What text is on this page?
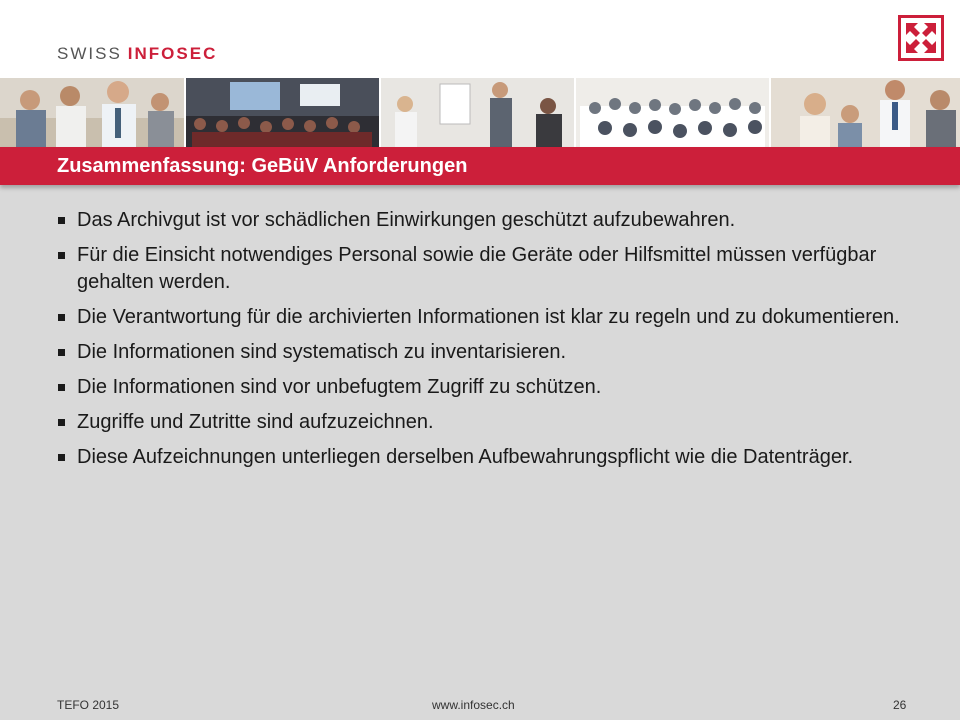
SWISS INFOSEC
Zusammenfassung: GeBüV Anforderungen
Das Archivgut ist vor schädlichen Einwirkungen geschützt aufzubewahren.
Für die Einsicht notwendiges Personal sowie die Geräte oder Hilfsmittel müssen verfügbar gehalten werden.
Die Verantwortung für die archivierten Informationen ist klar zu regeln und zu dokumentieren.
Die Informationen sind systematisch zu inventarisieren.
Die Informationen sind vor unbefugtem Zugriff zu schützen.
Zugriffe und Zutritte sind aufzuzeichnen.
Diese Aufzeichnungen unterliegen derselben Aufbewahrungspflicht wie die Datenträger.
TEFO 2015	www.infosec.ch	26
